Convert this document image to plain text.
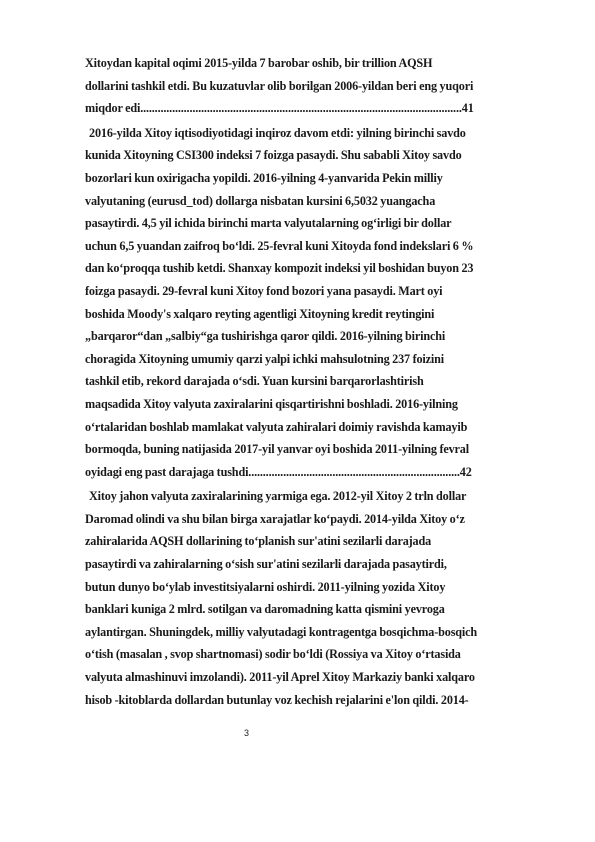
Xitoydan kapital oqimi 2015-yilda 7 barobar oshib, bir trillion AQSH
dollarini tashkil etdi. Bu kuzatuvlar olib borilgan 2006-yildan beri eng yuqori
miqdor edi...............................................................................................................41
2016-yilda Xitoy iqtisodiyotidagi inqiroz davom etdi: yilning birinchi savdo
kunida Xitoyning CSI300 indeksi 7 foizga pasaydi. Shu sababli Xitoy savdo
bozorlari kun oxirigacha yopildi. 2016-yilning 4-yanvarida Pekin milliy
valyutaning (eurusd_tod) dollarga nisbatan kursini 6,5032 yuangacha
pasaytirdi. 4,5 yil ichida birinchi marta valyutalarning og‘irligi bir dollar
uchun 6,5 yuandan zaifroq bo‘ldi. 25-fevral kuni Xitoyda fond indekslari 6 %
dan ko‘proqqa tushib ketdi. Shanxay kompozit indeksi yil boshidan buyon 23
foizga pasaydi. 29-fevral kuni Xitoy fond bozori yana pasaydi. Mart oyi
boshida Moody's xalqaro reyting agentligi Xitoyning kredit reytingini
„barqaror“dan „salbiy“ga tushirishga qaror qildi. 2016-yilning birinchi
choragida Xitoyning umumiy qarzi yalpi ichki mahsulotning 237 foizini
tashkil etib, rekord darajada o‘sdi. Yuan kursini barqarorlashtirish
maqsadida Xitoy valyuta zaxiralarini qisqartirishni boshladi. 2016-yilning
o‘rtalaridan boshlab mamlakat valyuta zahiralari doimiy ravishda kamayib
bormoqda, buning natijasida 2017-yil yanvar oyi boshida 2011-yilning fevral
oyidagi eng past darajaga tushdi.........................................................................42
Xitoy jahon valyuta zaxiralarining yarmiga ega. 2012-yil Xitoy 2 trln dollar
Daromad olindi va shu bilan birga xarajatlar ko‘paydi. 2014-yilda Xitoy o‘z
zahiralarida AQSH dollarining to‘planish sur'atini sezilarli darajada
pasaytirdi va zahiralarning o‘sish sur'atini sezilarli darajada pasaytirdi,
butun dunyo bo‘ylab investitsiyalarni oshirdi. 2011-yilning yozida Xitoy
banklari kuniga 2 mlrd. sotilgan va daromadning katta qismini yevroga
aylantirgan. Shuningdek, milliy valyutadagi kontragentga bosqichma-bosqich
o‘tish (masalan , svop shartnomasi) sodir bo‘ldi (Rossiya va Xitoy o‘rtasida
valyuta almashinuvi imzolandi). 2011-yil Aprel Xitoy Markaziy banki xalqaro
hisob -kitoblarda dollardan butunlay voz kechish rejalarini e'lon qildi. 2014-
3
